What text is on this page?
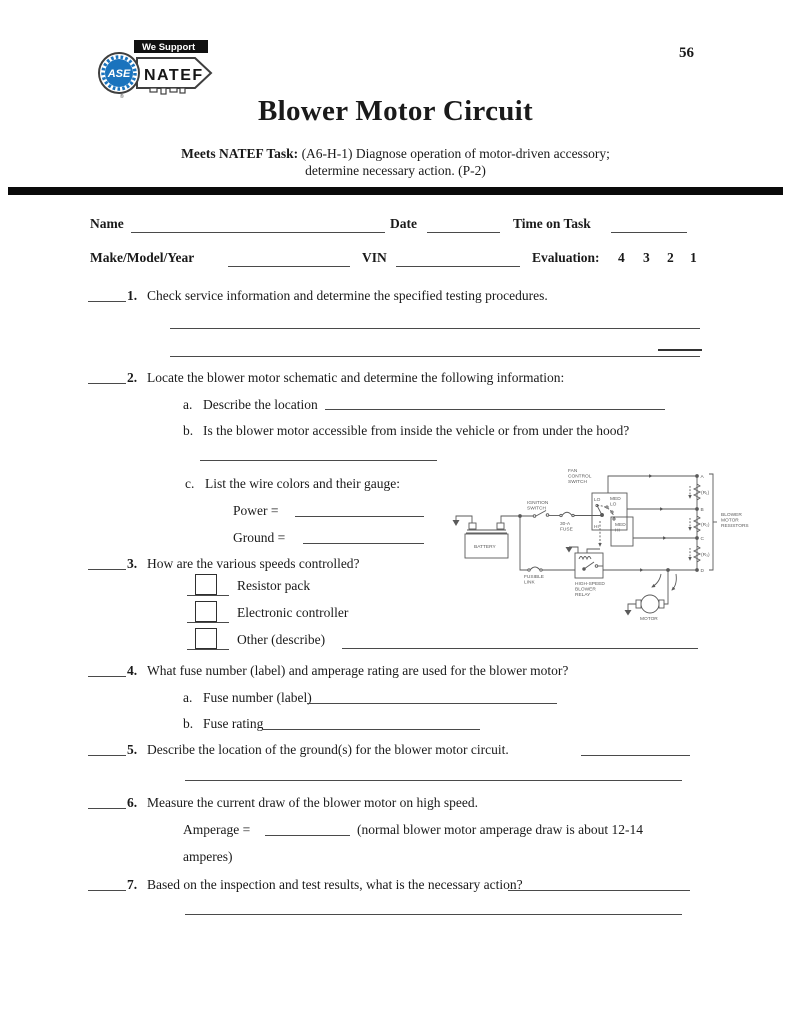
ASE
We Support
NATEF
®
56
Blower Motor Circuit
Meets NATEF Task: (A6-H-1) Diagnose operation of motor-driven accessory;
determine necessary action. (P-2)
Name	Date	Time on Task
Make/Model/Year	VIN	Evaluation: 4 3 2 1
1. Check service information and determine the specified testing procedures.
2. Locate the blower motor schematic and determine the following information:
a. Describe the location
b. Is the blower motor accessible from inside the vehicle or from under the hood?
c. List the wire colors and their gauge:
Power =
Ground =
3. How are the various speeds controlled?
Resistor pack
Electronic controller
Other (describe)
4. What fuse number (label) and amperage rating are used for the blower motor?
a. Fuse number (label)
b. Fuse rating
5. Describe the location of the ground(s) for the blower motor circuit.
6. Measure the current draw of the blower motor on high speed.
Amperage =	(normal blower motor amperage draw is about 12-14
amperes)
7. Based on the inspection and test results, what is the necessary action?
FAN CONTROL SWITCH
IGNITION SWITCH
30-A FUSE
LO MED LO
MED HI
HI
BATTERY
FUSIBLE LINK	HIGH-SPEED BLOWER RELAY
BLOWER MOTOR RESISTORS
MOTOR
A
B
C
D
(R₁)
(R₂)
(R₃)
